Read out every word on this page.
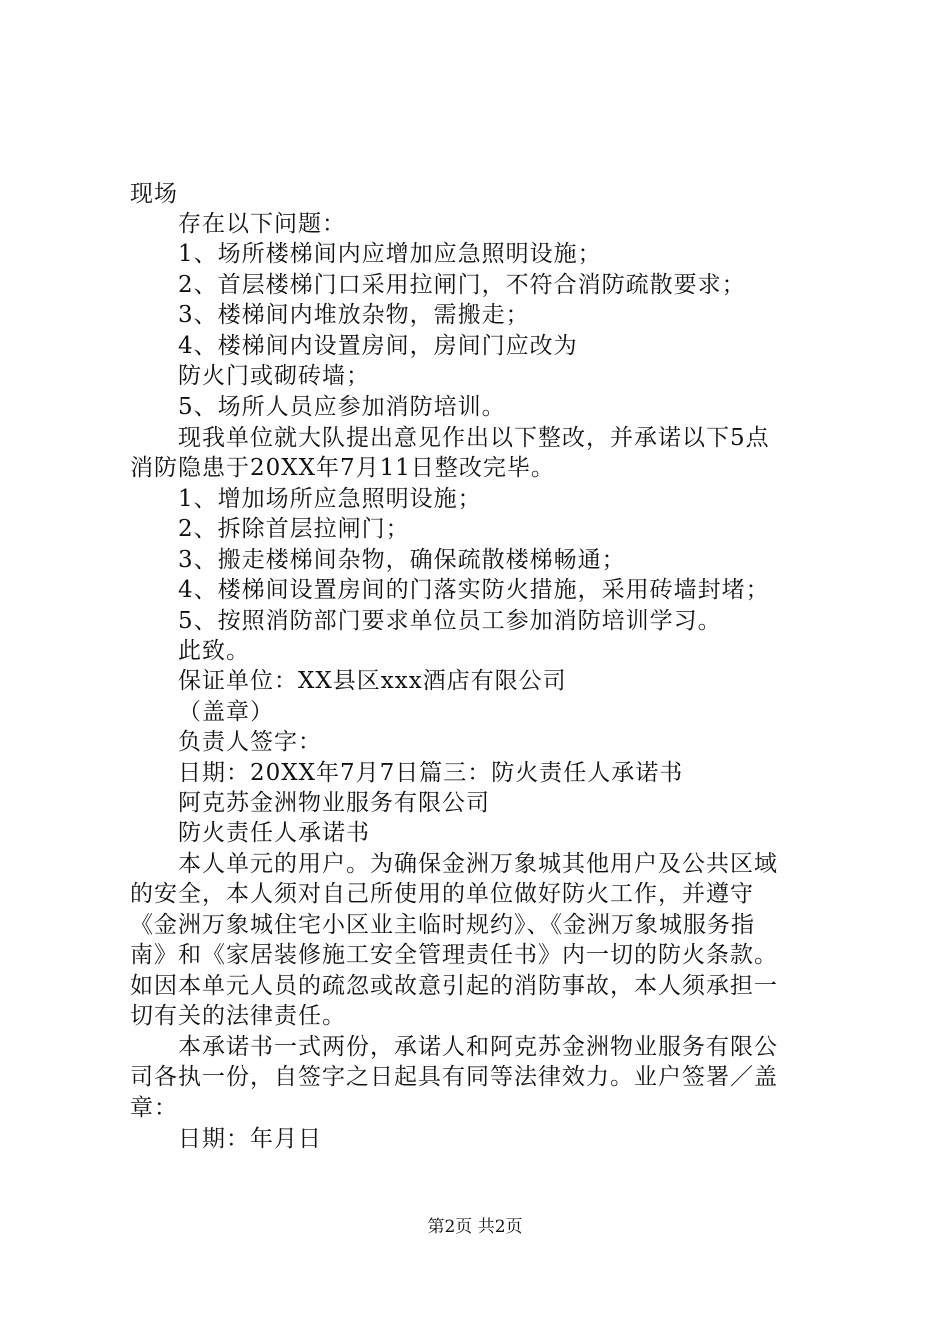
现场
存在以下问题：
1、场所楼梯间内应增加应急照明设施；
2、首层楼梯门口采用拉闸门，不符合消防疏散要求；
3、楼梯间内堆放杂物，需搬走；
4、楼梯间内设置房间，房间门应改为
防火门或砌砖墙；
5、场所人员应参加消防培训。
现我单位就大队提出意见作出以下整改，并承诺以下5点
消防隐患于20XX年7月11日整改完毕。
1、增加场所应急照明设施；
2、拆除首层拉闸门；
3、搬走楼梯间杂物，确保疏散楼梯畅通；
4、楼梯间设置房间的门落实防火措施，采用砖墙封堵；
5、按照消防部门要求单位员工参加消防培训学习。
此致。
保证单位：XX县区xxx酒店有限公司
（盖章）
负责人签字：
日期：20XX年7月7日篇三：防火责任人承诺书
阿克苏金洲物业服务有限公司
防火责任人承诺书
本人单元的用户。为确保金洲万象城其他用户及公共区域
的安全，本人须对自己所使用的单位做好防火工作，并遵守
《金洲万象城住宅小区业主临时规约》、《金洲万象城服务指
南》和《家居装修施工安全管理责任书》内一切的防火条款。
如因本单元人员的疏忽或故意引起的消防事故，本人须承担一
切有关的法律责任。
本承诺书一式两份，承诺人和阿克苏金洲物业服务有限公
司各执一份，自签字之日起具有同等法律效力。业户签署／盖
章：
日期：年月日
第2页 共2页
